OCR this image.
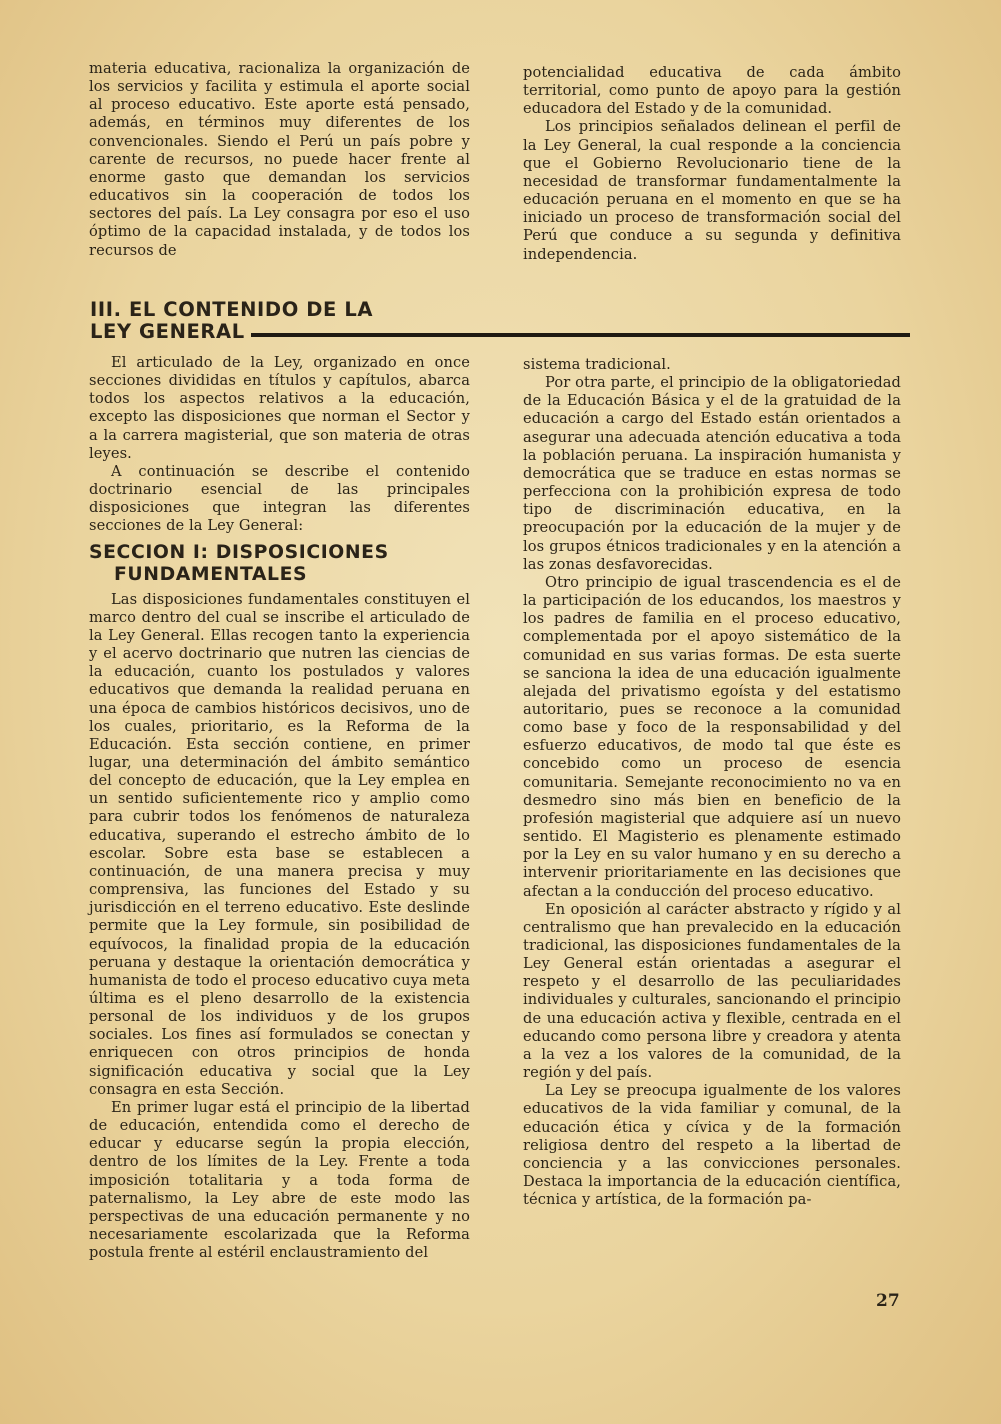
materia educativa, racionaliza la organización de los servicios y facilita y estimula el aporte social al proceso educativo. Este aporte está pensado, además, en términos muy diferentes de los convencionales. Siendo el Perú un país pobre y carente de recursos, no puede hacer frente al enorme gasto que demandan los servicios educativos sin la cooperación de todos los sectores del país. La Ley consagra por eso el uso óptimo de la capacidad instalada, y de todos los recursos de

potencialidad educativa de cada ámbito territorial, como punto de apoyo para la gestión educadora del Estado y de la comunidad.

Los principios señalados delinean el perfil de la Ley General, la cual responde a la conciencia que el Gobierno Revolucionario tiene de la necesidad de transformar fundamentalmente la educación peruana en el momento en que se ha iniciado un proceso de transformación social del Perú que conduce a su segunda y definitiva independencia.

III. EL CONTENIDO DE LA
LEY GENERAL

El articulado de la Ley, organizado en once secciones divididas en títulos y capítulos, abarca todos los aspectos relativos a la educación, excepto las disposiciones que norman el Sector y a la carrera magisterial, que son materia de otras leyes.

A continuación se describe el contenido doctrinario esencial de las principales disposiciones que integran las diferentes secciones de la Ley General:

SECCION I: DISPOSICIONES
FUNDAMENTALES

Las disposiciones fundamentales constituyen el marco dentro del cual se inscribe el articulado de la Ley General. Ellas recogen tanto la experiencia y el acervo doctrinario que nutren las ciencias de la educación, cuanto los postulados y valores educativos que demanda la realidad peruana en una época de cambios históricos decisivos, uno de los cuales, prioritario, es la Reforma de la Educación. Esta sección contiene, en primer lugar, una determinación del ámbito semántico del concepto de educación, que la Ley emplea en un sentido suficientemente rico y amplio como para cubrir todos los fenómenos de naturaleza educativa, superando el estrecho ámbito de lo escolar. Sobre esta base se establecen a continuación, de una manera precisa y muy comprensiva, las funciones del Estado y su jurisdicción en el terreno educativo. Este deslinde permite que la Ley formule, sin posibilidad de equívocos, la finalidad propia de la educación peruana y destaque la orientación democrática y humanista de todo el proceso educativo cuya meta última es el pleno desarrollo de la existencia personal de los individuos y de los grupos sociales. Los fines así formulados se conectan y enriquecen con otros principios de honda significación educativa y social que la Ley consagra en esta Sección.

En primer lugar está el principio de la libertad de educación, entendida como el derecho de educar y educarse según la propia elección, dentro de los límites de la Ley. Frente a toda imposición totalitaria y a toda forma de paternalismo, la Ley abre de este modo las perspectivas de una educación permanente y no necesariamente escolarizada que la Reforma postula frente al estéril enclaustramiento del

sistema tradicional.

Por otra parte, el principio de la obligatoriedad de la Educación Básica y el de la gratuidad de la educación a cargo del Estado están orientados a asegurar una adecuada atención educativa a toda la población peruana. La inspiración humanista y democrática que se traduce en estas normas se perfecciona con la prohibición expresa de todo tipo de discriminación educativa, en la preocupación por la educación de la mujer y de los grupos étnicos tradicionales y en la atención a las zonas desfavorecidas.

Otro principio de igual trascendencia es el de la participación de los educandos, los maestros y los padres de familia en el proceso educativo, complementada por el apoyo sistemático de la comunidad en sus varias formas. De esta suerte se sanciona la idea de una educación igualmente alejada del privatismo egoísta y del estatismo autoritario, pues se reconoce a la comunidad como base y foco de la responsabilidad y del esfuerzo educativos, de modo tal que éste es concebido como un proceso de esencia comunitaria. Semejante reconocimiento no va en desmedro sino más bien en beneficio de la profesión magisterial que adquiere así un nuevo sentido. El Magisterio es plenamente estimado por la Ley en su valor humano y en su derecho a intervenir prioritariamente en las decisiones que afectan a la conducción del proceso educativo.

En oposición al carácter abstracto y rígido y al centralismo que han prevalecido en la educación tradicional, las disposiciones fundamentales de la Ley General están orientadas a asegurar el respeto y el desarrollo de las peculiaridades individuales y culturales, sancionando el principio de una educación activa y flexible, centrada en el educando como persona libre y creadora y atenta a la vez a los valores de la comunidad, de la región y del país.

La Ley se preocupa igualmente de los valores educativos de la vida familiar y comunal, de la educación ética y cívica y de la formación religiosa dentro del respeto a la libertad de conciencia y a las convicciones personales. Destaca la importancia de la educación científica, técnica y artística, de la formación pa-

27
